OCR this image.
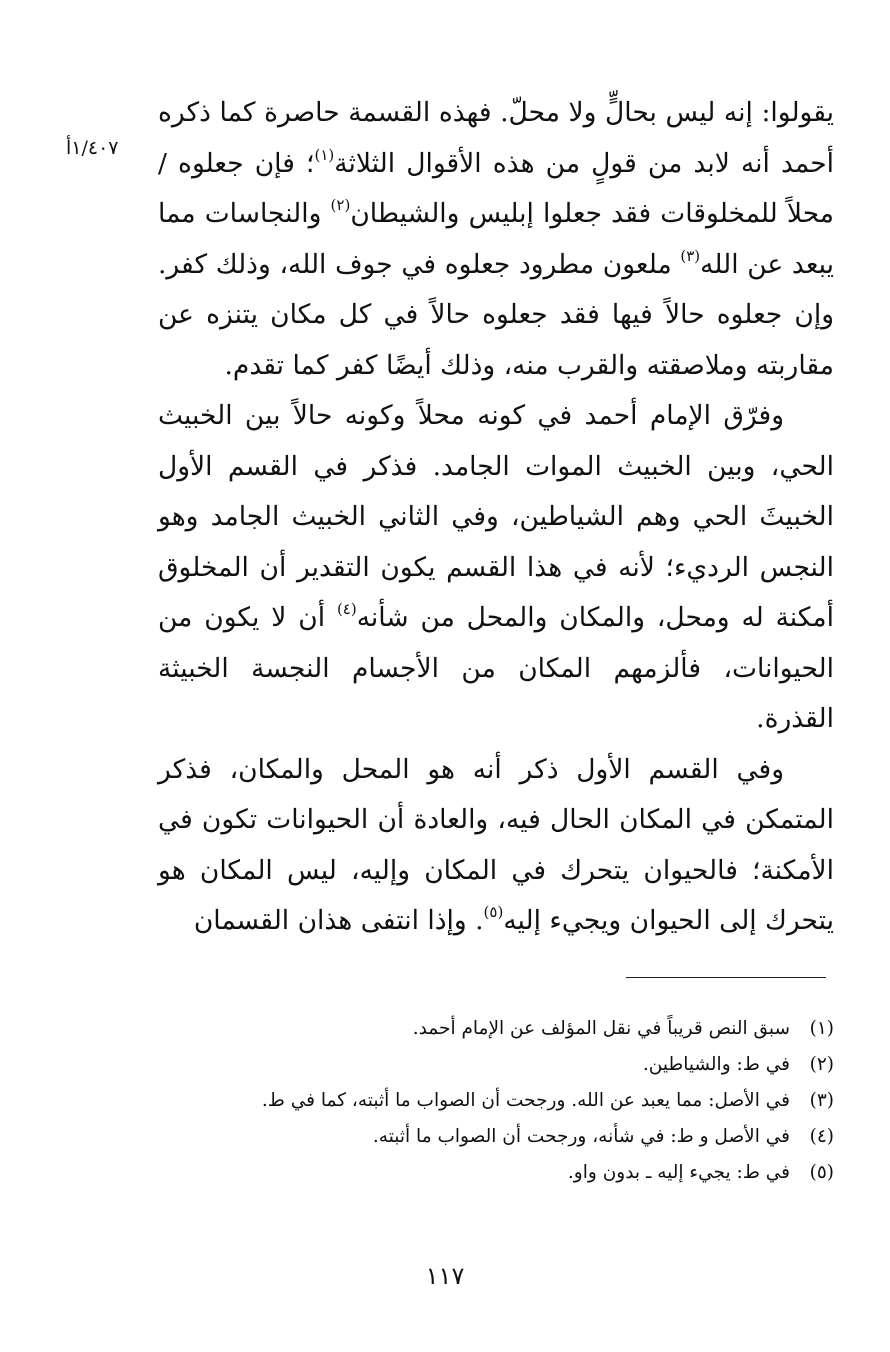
١/٤٠٧أ

يقولوا: إنه ليس بحالٍّ ولا محلّ. فهذه القسمة حاصرة كما ذكره أحمد أنه لابد من قولٍ من هذه الأقوال الثلاثة$^{(١)}$؛ فإن جعلوه / محلاً للمخلوقات فقد جعلوا إبليس والشيطان$^{(٢)}$ والنجاسات مما يبعد عن الله$^{(٣)}$ ملعون مطرود جعلوه في جوف الله، وذلك كفر. وإن جعلوه حالاً فيها فقد جعلوه حالاً في كل مكان يتنزه عن مقاربته وملاصقته والقرب منه، وذلك أيضًا كفر كما تقدم.

وفرّق الإمام أحمد في كونه محلاً وكونه حالاً بين الخبيث الحي، وبين الخبيث الموات الجامد. فذكر في القسم الأول الخبيثَ الحي وهم الشياطين، وفي الثاني الخبيث الجامد وهو النجس الرديء؛ لأنه في هذا القسم يكون التقدير أن المخلوق أمكنة له ومحل، والمكان والمحل من شأنه$^{(٤)}$ أن لا يكون من الحيوانات، فألزمهم المكان من الأجسام النجسة الخبيثة القذرة.

وفي القسم الأول ذكر أنه هو المحل والمكان، فذكر المتمكن في المكان الحال فيه، والعادة أن الحيوانات تكون في الأمكنة؛ فالحيوان يتحرك في المكان وإليه، ليس المكان هو يتحرك إلى الحيوان ويجيء إليه$^{(٥)}$. وإذا انتفى هذان القسمان

(١)
سبق النص قريباً في نقل المؤلف عن الإمام أحمد.
(٢)
في ط: والشياطين.
(٣)
في الأصل: مما يعبد عن الله. ورجحت أن الصواب ما أثبته، كما في ط.
(٤)
في الأصل و ط: في شأنه، ورجحت أن الصواب ما أثبته.
(٥)
في ط: يجيء إليه ـ بدون واو.
١١٧
